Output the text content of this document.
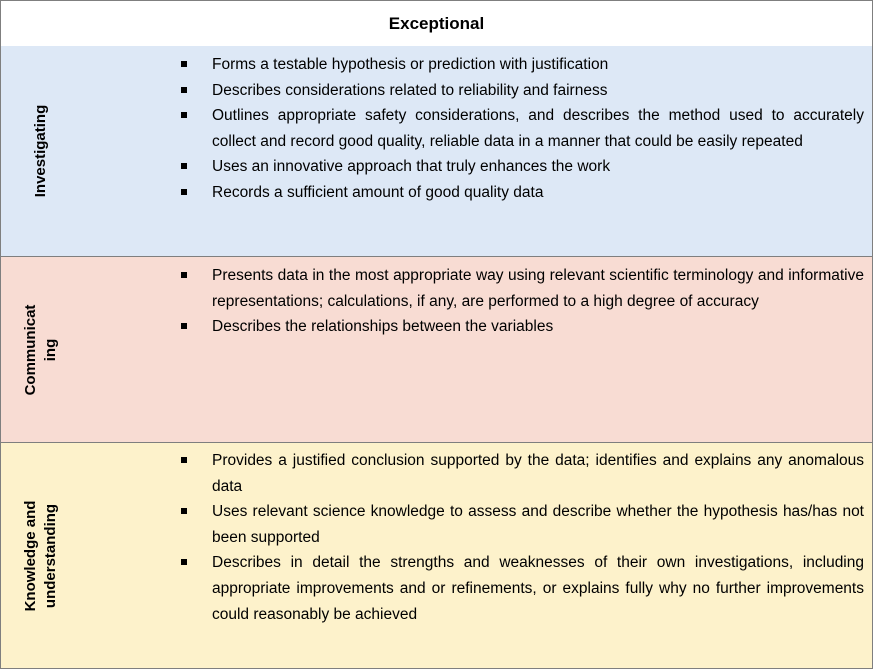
Exceptional
Investigating
Forms a testable hypothesis or prediction with justification
Describes considerations related to reliability and fairness
Outlines appropriate safety considerations, and describes the method used to accurately collect and record good quality, reliable data in a manner that could be easily repeated
Uses an innovative approach that truly enhances the work
Records a sufficient amount of good quality data
Communicat
ing
Presents data in the most appropriate way using relevant scientific terminology and informative representations; calculations, if any, are performed to a high degree of accuracy
Describes the relationships between the variables
Knowledge and
understanding
Provides a justified conclusion supported by the data; identifies and explains any anomalous data
Uses relevant science knowledge to assess and describe whether the hypothesis has/has not been supported
Describes in detail the strengths and weaknesses of their own investigations, including appropriate improvements and or refinements, or explains fully why no further improvements could reasonably be achieved
